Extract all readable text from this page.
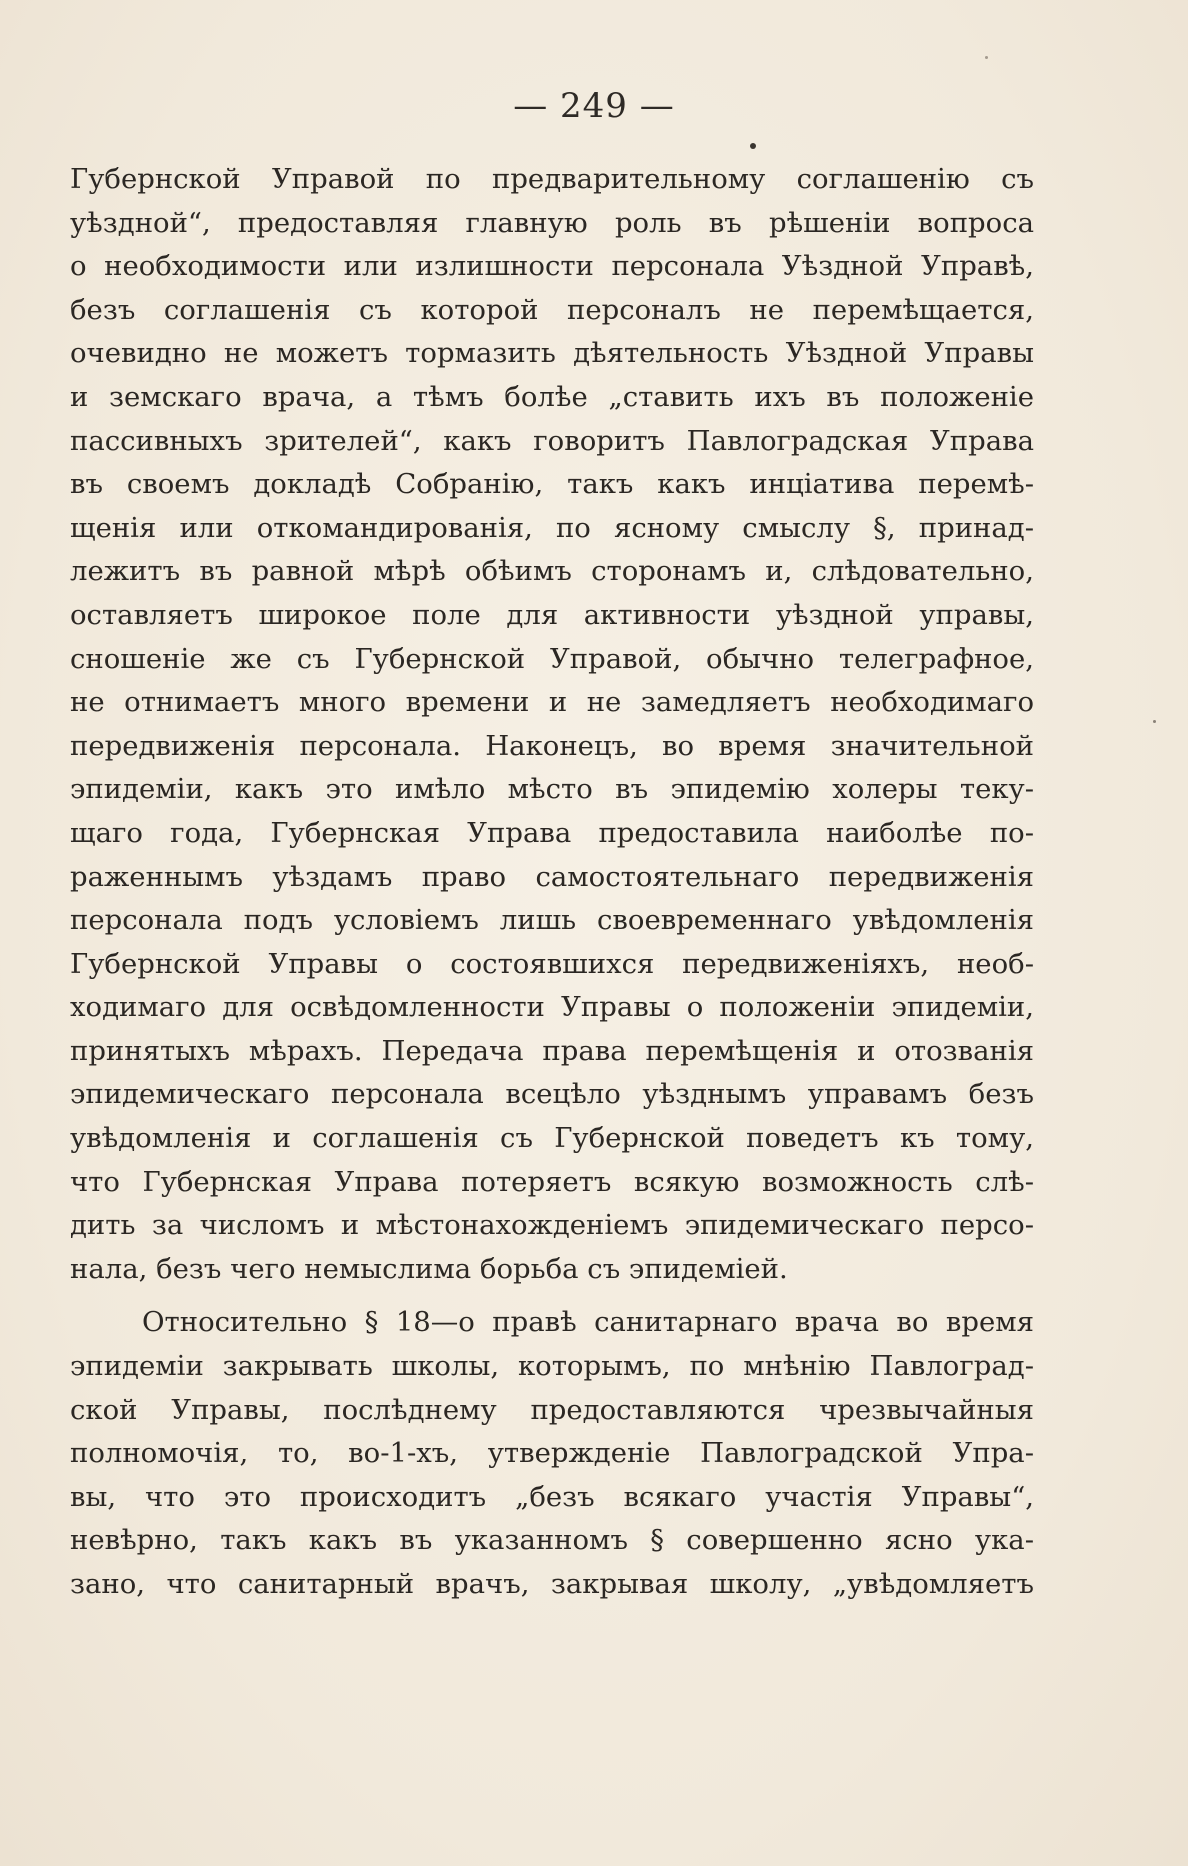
— 249 —
Губернской Управой по предварительному соглашенію съ
уѣздной“, предоставляя главную роль въ рѣшеніи вопроса
о необходимости или излишности персонала Уѣздной Управѣ,
безъ соглашенія съ которой персоналъ не перемѣщается,
очевидно не можетъ тормазить дѣятельность Уѣздной Управы
и земскаго врача, а тѣмъ болѣе „ставить ихъ въ положеніе
пассивныхъ зрителей“, какъ говоритъ Павлоградская Управа
въ своемъ докладѣ Собранію, такъ какъ инціатива перемѣ-
щенія или откомандированія, по ясному смыслу §, принад-
лежитъ въ равной мѣрѣ обѣимъ сторонамъ и, слѣдовательно,
оставляетъ широкое поле для активности уѣздной управы,
сношеніе же съ Губернской Управой, обычно телеграфное,
не отнимаетъ много времени и не замедляетъ необходимаго
передвиженія персонала. Наконецъ, во время значительной
эпидеміи, какъ это имѣло мѣсто въ эпидемію холеры теку-
щаго года, Губернская Управа предоставила наиболѣе по-
раженнымъ уѣздамъ право самостоятельнаго передвиженія
персонала подъ условіемъ лишь своевременнаго увѣдомленія
Губернской Управы о состоявшихся передвиженіяхъ, необ-
ходимаго для освѣдомленности Управы о положеніи эпидеміи,
принятыхъ мѣрахъ. Передача права перемѣщенія и отозванія
эпидемическаго персонала всецѣло уѣзднымъ управамъ безъ
увѣдомленія и соглашенія съ Губернской поведетъ къ тому,
что Губернская Управа потеряетъ всякую возможность слѣ-
дить за числомъ и мѣстонахожденіемъ эпидемическаго персо-
нала, безъ чего немыслима борьба съ эпидеміей.
Относительно § 18—о правѣ санитарнаго врача во время
эпидеміи закрывать школы, которымъ, по мнѣнію Павлоград-
ской Управы, послѣднему предоставляются чрезвычайныя
полномочія, то, во-1-хъ, утвержденіе Павлоградской Упра-
вы, что это происходитъ „безъ всякаго участія Управы“,
невѣрно, такъ какъ въ указанномъ § совершенно ясно ука-
зано, что санитарный врачъ, закрывая школу, „увѣдомляетъ
